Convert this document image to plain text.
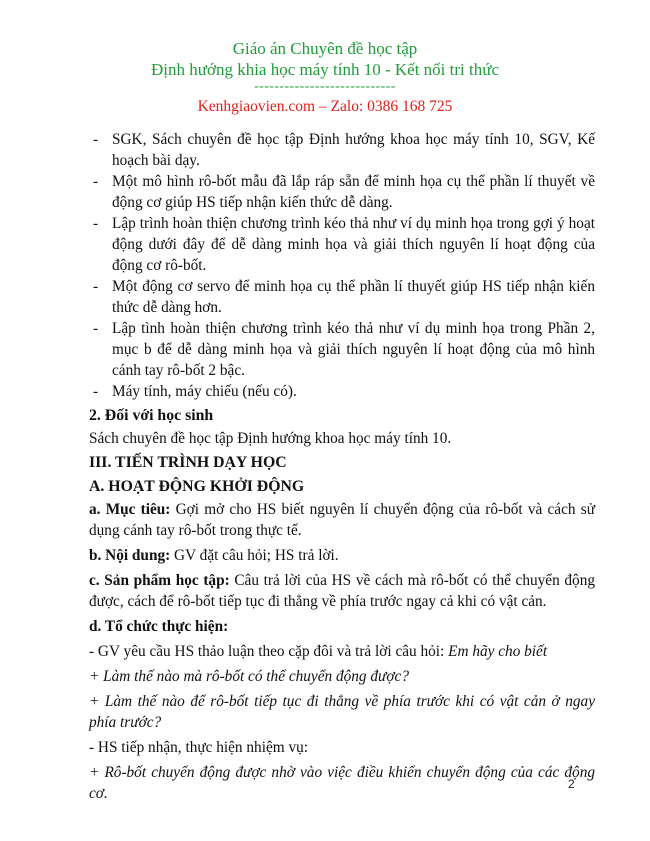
Giáo án Chuyên đề học tập
Định hướng khia học máy tính 10 - Kết nối tri thức
----------------------------
Kenhgiaovien.com – Zalo: 0386 168 725
- SGK, Sách chuyên đề học tập Định hướng khoa học máy tính 10, SGV, Kế hoạch bài dạy.
- Một mô hình rô-bốt mẫu đã lắp ráp sẵn để minh họa cụ thể phần lí thuyết về động cơ giúp HS tiếp nhận kiến thức dễ dàng.
- Lập trình hoàn thiện chương trình kéo thả như ví dụ minh họa trong gợi ý hoạt động dưới đây để dễ dàng minh họa và giải thích nguyên lí hoạt động của động cơ rô-bốt.
- Một động cơ servo để minh họa cụ thể phần lí thuyết giúp HS tiếp nhận kiến thức dễ dàng hơn.
- Lập tình hoàn thiện chương trình kéo thả như ví dụ minh họa trong Phần 2, mục b để dễ dàng minh họa và giải thích nguyên lí hoạt động của mô hình cánh tay rô-bốt 2 bậc.
- Máy tính, máy chiếu (nếu có).
2. Đối với học sinh

Sách chuyên đề học tập Định hướng khoa học máy tính 10.

III. TIẾN TRÌNH DẠY HỌC
A. HOẠT ĐỘNG KHỞI ĐỘNG

a. Mục tiêu: Gợi mở cho HS biết nguyên lí chuyển động của rô-bốt và cách sử dụng cánh tay rô-bốt trong thực tế.

b. Nội dung: GV đặt câu hỏi; HS trả lời.

c. Sản phẩm học tập: Câu trả lời của HS về cách mà rô-bốt có thể chuyển động được, cách để rô-bốt tiếp tục đi thẳng về phía trước ngay cả khi có vật cản.

d. Tổ chức thực hiện:

- GV yêu cầu HS thảo luận theo cặp đôi và trả lời câu hỏi: Em hãy cho biết

+ Làm thế nào mà rô-bốt có thể chuyển động được?

+ Làm thế nào để rô-bốt tiếp tục đi thẳng về phía trước khi có vật cản ở ngay phía trước?

- HS tiếp nhận, thực hiện nhiệm vụ:

+ Rô-bốt chuyển động được nhờ vào việc điều khiển chuyển động của các động cơ.

2
